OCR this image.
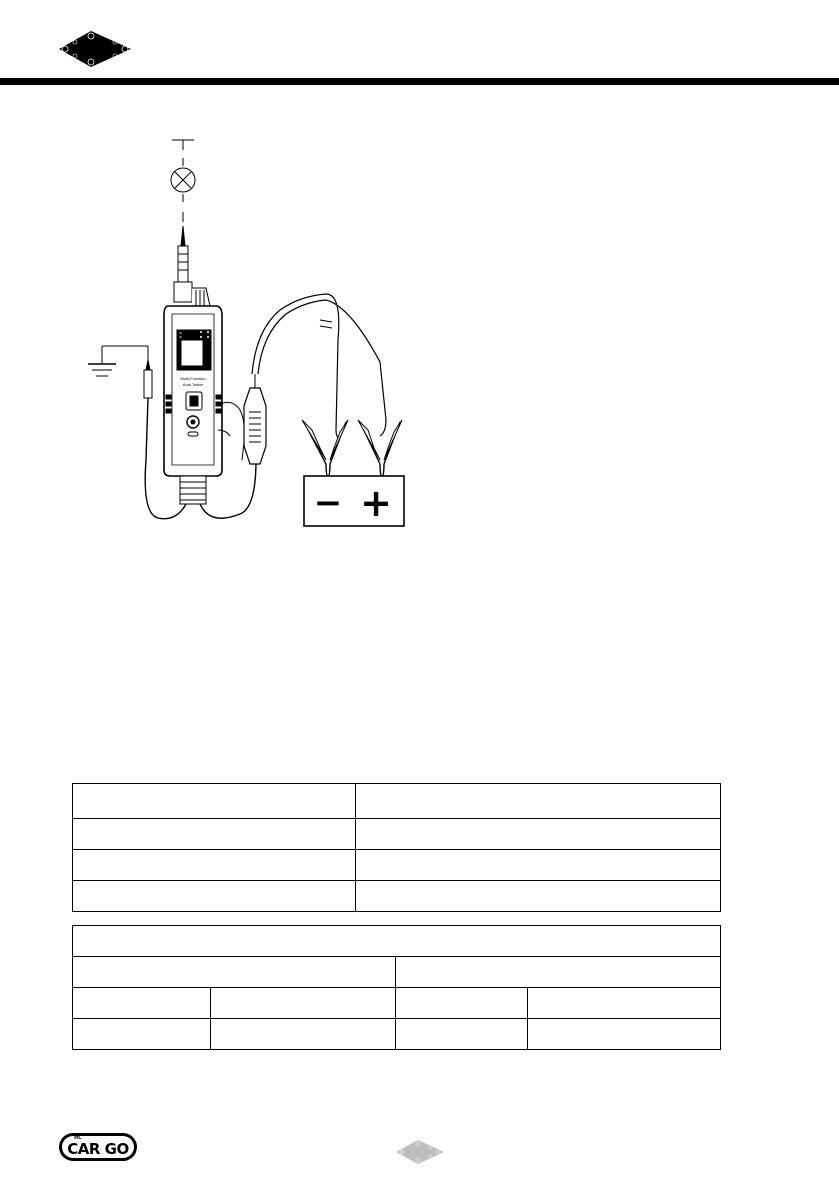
− +
Multi-Function
Auto Tester

CAR GO
HC
